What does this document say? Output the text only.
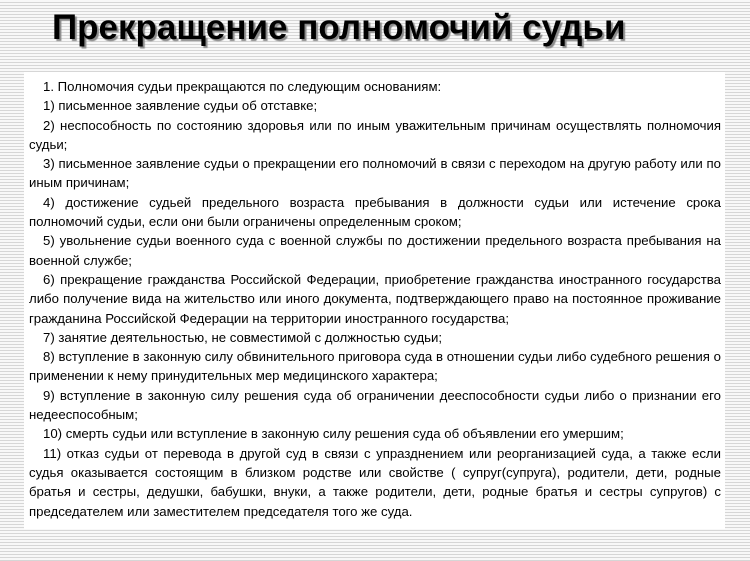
Прекращение полномочий судьи

1. Полномочия судьи прекращаются по следующим основаниям:

1) письменное заявление судьи об отставке;

2) неспособность по состоянию здоровья или по иным уважительным причинам осуществлять полномочия судьи;

3) письменное заявление судьи о прекращении его полномочий в связи с переходом на другую работу или по иным причинам;

4) достижение судьей предельного возраста пребывания в должности судьи или истечение срока полномочий судьи, если они были ограничены определенным сроком;

5) увольнение судьи военного суда с военной службы по достижении предельного возраста пребывания на военной службе;

6) прекращение гражданства Российской Федерации, приобретение гражданства иностранного государства либо получение вида на жительство или иного документа, подтверждающего право на постоянное проживание гражданина Российской Федерации на территории иностранного государства;

7) занятие деятельностью, не совместимой с должностью судьи;

8) вступление в законную силу обвинительного приговора суда в отношении судьи либо судебного решения о применении к нему принудительных мер медицинского характера;

9) вступление в законную силу решения суда об ограничении дееспособности судьи либо о признании его недееспособным;

10) смерть судьи или вступление в законную силу решения суда об объявлении его умершим;

11) отказ судьи от перевода в другой суд в связи с упразднением или реорганизацией суда, а также если судья оказывается состоящим в близком родстве или свойстве ( супруг(супруга), родители, дети, родные братья и сестры, дедушки, бабушки, внуки, а также родители, дети, родные братья и сестры супругов) с председателем или заместителем председателя того же суда.
